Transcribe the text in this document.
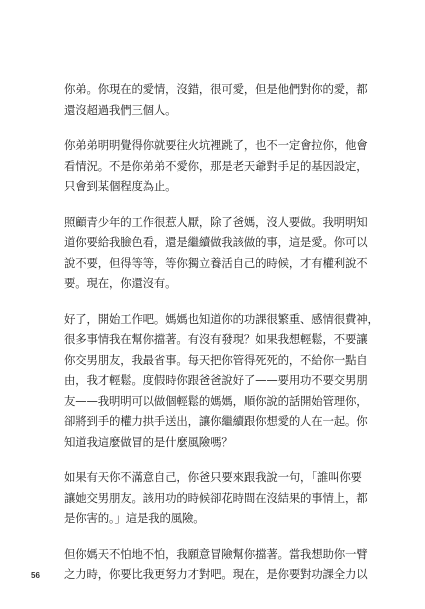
你弟。你現在的愛情，沒錯，很可愛，但是他們對你的愛，都
還沒超過我們三個人。

你弟弟明明覺得你就要往火坑裡跳了，也不一定會拉你，他會
看情況。不是你弟弟不愛你，那是老天爺對手足的基因設定，
只會到某個程度為止。

照顧青少年的工作很惹人厭，除了爸媽，沒人要做。我明明知
道你要給我臉色看，還是繼續做我該做的事，這是愛。你可以
說不要，但得等等，等你獨立養活自己的時候，才有權利說不
要。現在，你還沒有。

好了，開始工作吧。媽媽也知道你的功課很繁重、感情很費神，
很多事情我在幫你擋著。有沒有發現？如果我想輕鬆，不要讓
你交男朋友，我最省事。每天把你管得死死的，不給你一點自
由，我才輕鬆。度假時你跟爸爸說好了——要用功不要交男朋
友——我明明可以做個輕鬆的媽媽，順你說的話開始管理你，
卻將到手的權力拱手送出，讓你繼續跟你想愛的人在一起。你
知道我這麼做冒的是什麼風險嗎？

如果有天你不滿意自己，你爸只要來跟我說一句，「誰叫你要
讓她交男朋友。該用功的時候卻花時間在沒結果的事情上，都
是你害的。」這是我的風險。

但你媽天不怕地不怕，我願意冒險幫你擋著。當我想助你一臂
之力時，你要比我更努力才對吧。現在，是你要對功課全力以

56
